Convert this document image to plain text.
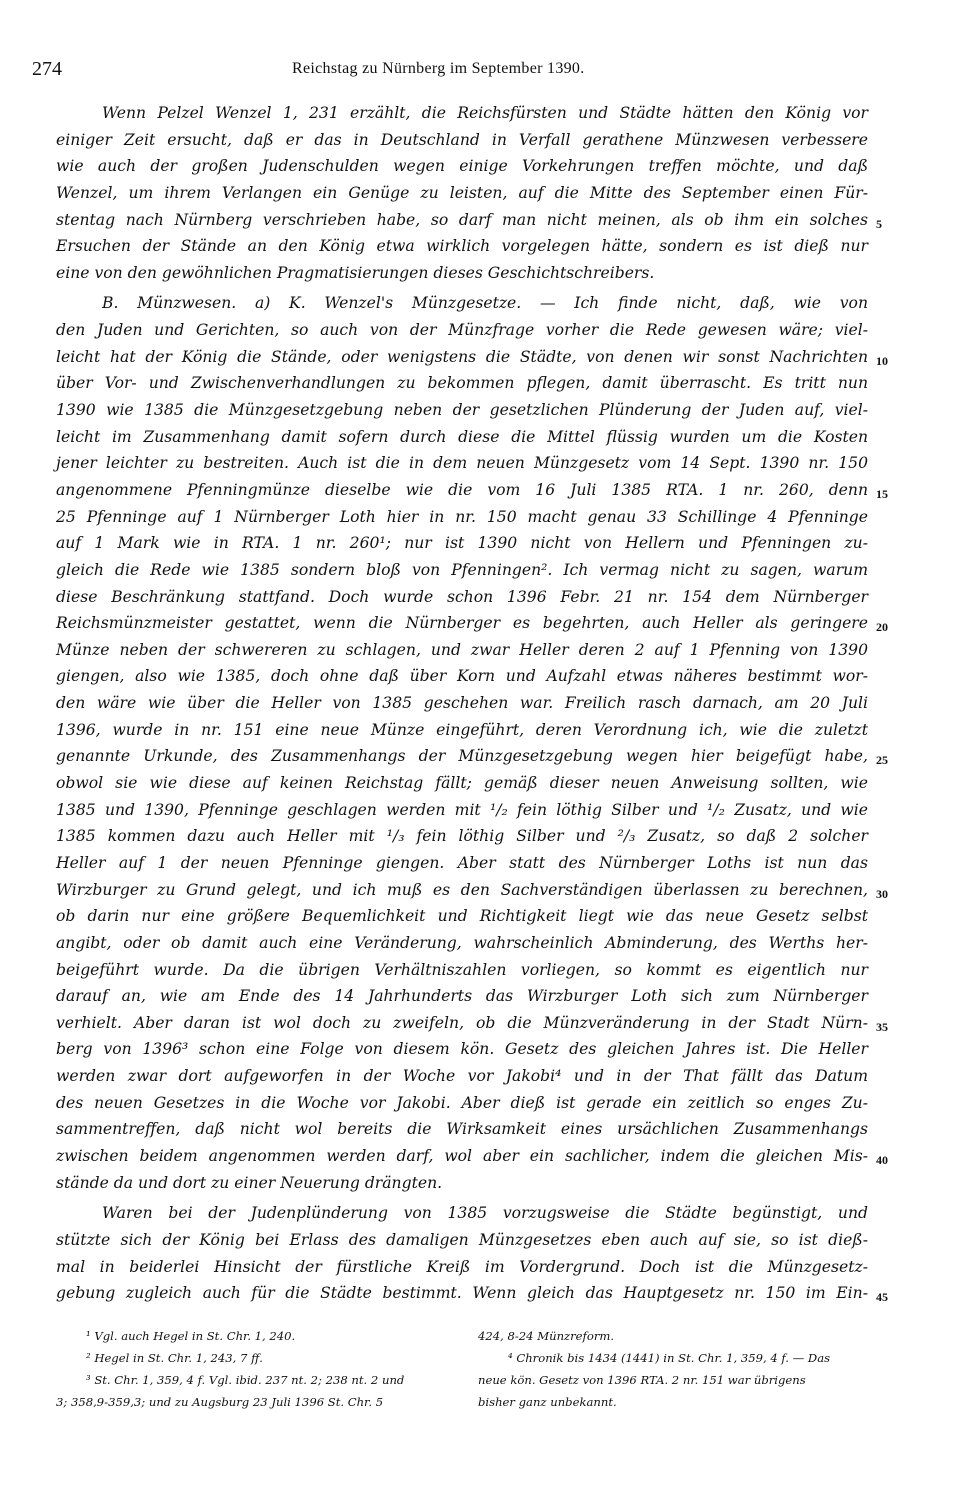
274	Reichstag zu Nürnberg im September 1390.
Wenn Pelzel Wenzel 1, 231 erzählt, die Reichsfürsten und Städte hätten den König vor
einiger Zeit ersucht, daß er das in Deutschland in Verfall gerathene Münzwesen verbessere
wie auch der großen Judenschulden wegen einige Vorkehrungen treffen möchte, und daß
Wenzel, um ihrem Verlangen ein Genüge zu leisten, auf die Mitte des September einen Für-
stentag nach Nürnberg verschrieben habe, so darf man nicht meinen, als ob ihm ein solches 5
Ersuchen der Stände an den König etwa wirklich vorgelegen hätte, sondern es ist dieß nur
eine von den gewöhnlichen Pragmatisierungen dieses Geschichtschreibers.
B. Münzwesen. a) K. Wenzel's Münzgesetze. — Ich finde nicht, daß, wie von
den Juden und Gerichten, so auch von der Münzfrage vorher die Rede gewesen wäre; viel-
leicht hat der König die Stände, oder wenigstens die Städte, von denen wir sonst Nachrichten 10
über Vor- und Zwischenverhandlungen zu bekommen pflegen, damit überrascht. Es tritt nun
1390 wie 1385 die Münzgesetzgebung neben der gesetzlichen Plünderung der Juden auf, viel-
leicht im Zusammenhang damit sofern durch diese die Mittel flüssig wurden um die Kosten
jener leichter zu bestreiten. Auch ist die in dem neuen Münzgesetz vom 14 Sept. 1390 nr. 150
angenommene Pfenningmünze dieselbe wie die vom 16 Juli 1385 RTA. 1 nr. 260, denn 15
25 Pfenninge auf 1 Nürnberger Loth hier in nr. 150 macht genau 33 Schillinge 4 Pfenninge
auf 1 Mark wie in RTA. 1 nr. 260¹; nur ist 1390 nicht von Hellern und Pfenningen zu-
gleich die Rede wie 1385 sondern bloß von Pfenningen². Ich vermag nicht zu sagen, warum
diese Beschränkung stattfand. Doch wurde schon 1396 Febr. 21 nr. 154 dem Nürnberger
Reichsmünzmeister gestattet, wenn die Nürnberger es begehrten, auch Heller als geringere 20
Münze neben der schwereren zu schlagen, und zwar Heller deren 2 auf 1 Pfenning von 1390
giengen, also wie 1385, doch ohne daß über Korn und Aufzahl etwas näheres bestimmt wor-
den wäre wie über die Heller von 1385 geschehen war. Freilich rasch darnach, am 20 Juli
1396, wurde in nr. 151 eine neue Münze eingeführt, deren Verordnung ich, wie die zuletzt
genannte Urkunde, des Zusammenhangs der Münzgesetzgebung wegen hier beigefügt habe, 25
obwol sie wie diese auf keinen Reichstag fällt; gemäß dieser neuen Anweisung sollten, wie
1385 und 1390, Pfenninge geschlagen werden mit ¹/₂ fein löthig Silber und ¹/₂ Zusatz, und wie
1385 kommen dazu auch Heller mit ¹/₃ fein löthig Silber und ²/₃ Zusatz, so daß 2 solcher
Heller auf 1 der neuen Pfenninge giengen. Aber statt des Nürnberger Loths ist nun das
Wirzburger zu Grund gelegt, und ich muß es den Sachverständigen überlassen zu berechnen, 30
ob darin nur eine größere Bequemlichkeit und Richtigkeit liegt wie das neue Gesetz selbst
angibt, oder ob damit auch eine Veränderung, wahrscheinlich Abminderung, des Werths her-
beigeführt wurde. Da die übrigen Verhältniszahlen vorliegen, so kommt es eigentlich nur
darauf an, wie am Ende des 14 Jahrhunderts das Wirzburger Loth sich zum Nürnberger
verhielt. Aber daran ist wol doch zu zweifeln, ob die Münzveränderung in der Stadt Nürn- 35
berg von 1396³ schon eine Folge von diesem kön. Gesetz des gleichen Jahres ist. Die Heller
werden zwar dort aufgeworfen in der Woche vor Jakobi⁴ und in der That fällt das Datum
des neuen Gesetzes in die Woche vor Jakobi. Aber dieß ist gerade ein zeitlich so enges Zu-
sammentreffen, daß nicht wol bereits die Wirksamkeit eines ursächlichen Zusammenhangs
zwischen beidem angenommen werden darf, wol aber ein sachlicher, indem die gleichen Mis- 40
stände da und dort zu einer Neuerung drängten.
Waren bei der Judenplünderung von 1385 vorzugsweise die Städte begünstigt, und
stützte sich der König bei Erlass des damaligen Münzgesetzes eben auch auf sie, so ist dieß-
mal in beiderlei Hinsicht der fürstliche Kreiß im Vordergrund. Doch ist die Münzgesetz-
gebung zugleich auch für die Städte bestimmt. Wenn gleich das Hauptgesetz nr. 150 im Ein- 45
¹ Vgl. auch Hegel in St. Chr. 1, 240.
² Hegel in St. Chr. 1, 243, 7 ff.
³ St. Chr. 1, 359, 4 f. Vgl. ibid. 237 nt. 2; 238 nt. 2 und
3; 358,9-359,3; und zu Augsburg 23 Juli 1396 St. Chr. 5
424, 8-24 Münzreform.
⁴ Chronik bis 1434 (1441) in St. Chr. 1, 359, 4 f. — Das
neue kön. Gesetz von 1396 RTA. 2 nr. 151 war übrigens
bisher ganz unbekannt.
